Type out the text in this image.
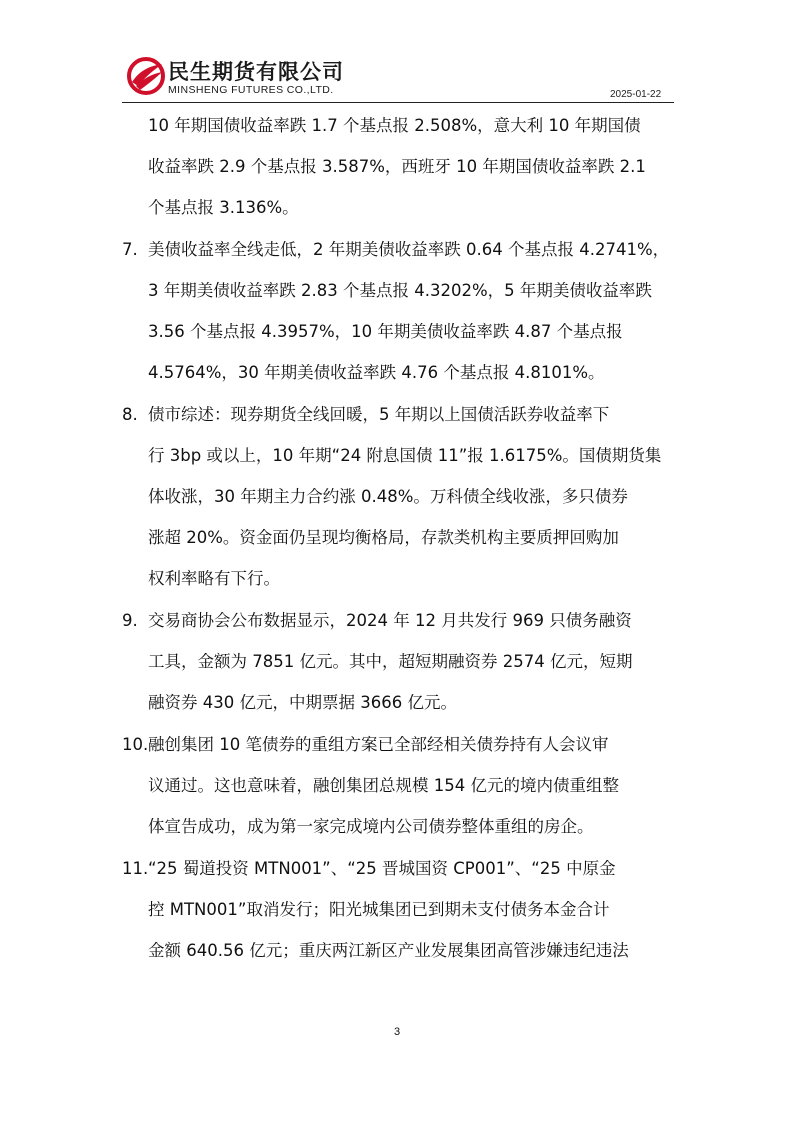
民生期货有限公司
MINSHENG FUTURES CO.,LTD.	2025-01-22
10 年期国债收益率跌 1.7 个基点报 2.508%，意大利 10 年期国债
收益率跌 2.9 个基点报 3.587%，西班牙 10 年期国债收益率跌 2.1
个基点报 3.136%。
7. 美债收益率全线走低，2 年期美债收益率跌 0.64 个基点报 4.2741%，
3 年期美债收益率跌 2.83 个基点报 4.3202%，5 年期美债收益率跌
3.56 个基点报 4.3957%，10 年期美债收益率跌 4.87 个基点报
4.5764%，30 年期美债收益率跌 4.76 个基点报 4.8101%。
8. 债市综述：现券期货全线回暖，5 年期以上国债活跃券收益率下
行 3bp 或以上，10 年期“24 附息国债 11”报 1.6175%。国债期货集
体收涨，30 年期主力合约涨 0.48%。万科债全线收涨，多只债券
涨超 20%。资金面仍呈现均衡格局，存款类机构主要质押回购加
权利率略有下行。
9. 交易商协会公布数据显示，2024 年 12 月共发行 969 只债务融资
工具，金额为 7851 亿元。其中，超短期融资券 2574 亿元，短期
融资券 430 亿元，中期票据 3666 亿元。
10. 融创集团 10 笔债券的重组方案已全部经相关债券持有人会议审
议通过。这也意味着，融创集团总规模 154 亿元的境内债重组整
体宣告成功，成为第一家完成境内公司债券整体重组的房企。
11. “25 蜀道投资 MTN001”、“25 晋城国资 CP001”、“25 中原金
控 MTN001”取消发行；阳光城集团已到期未支付债务本金合计
金额 640.56 亿元；重庆两江新区产业发展集团高管涉嫌违纪违法
3
